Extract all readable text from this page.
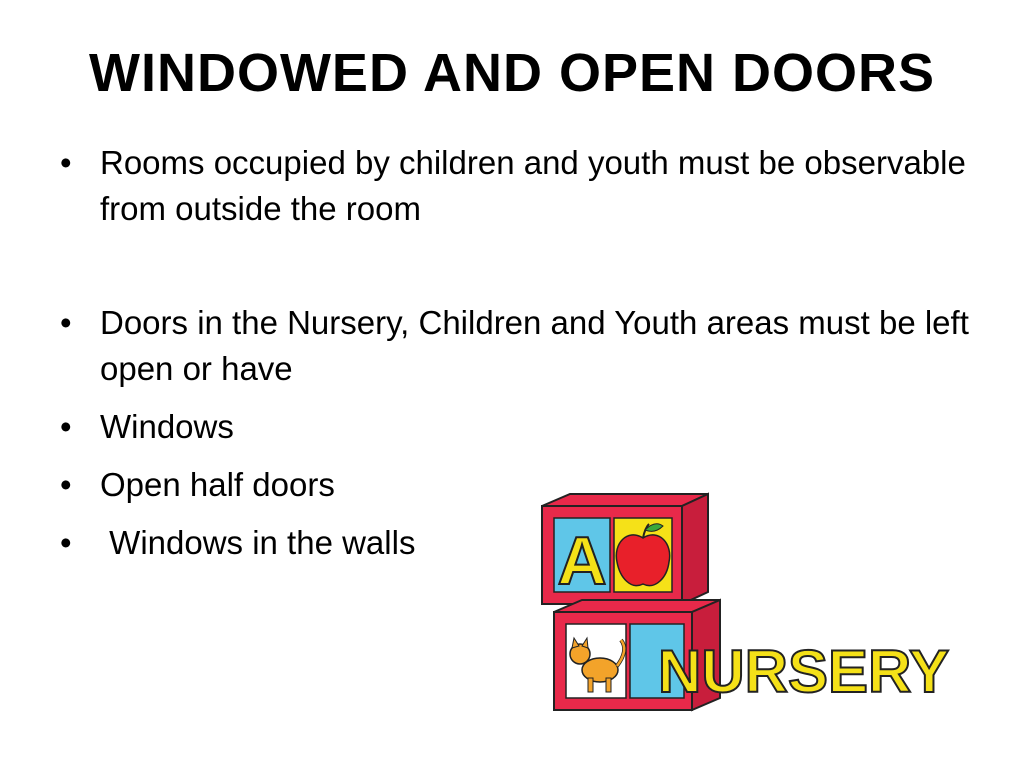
WINDOWED AND OPEN DOORS
• Rooms occupied by children and youth must be observable from outside the room
• Doors in the Nursery, Children and Youth areas must be left open or have
• Windows
• Open half doors
• Windows in the walls	A
NURSERY
